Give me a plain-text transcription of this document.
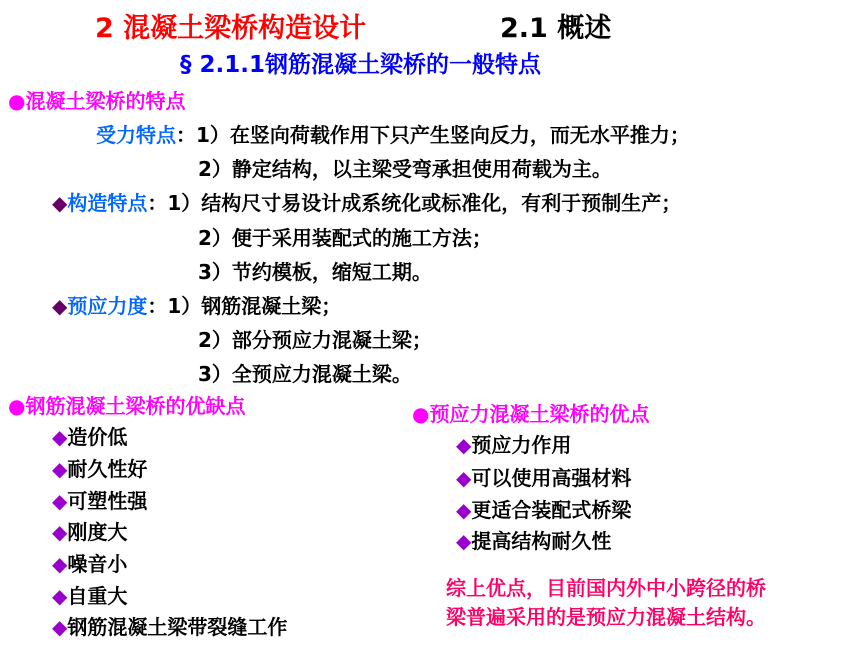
2 混凝土梁桥构造设计	2.1 概述
§ 2.1.1钢筋混凝土梁桥的一般特点
●混凝土梁桥的特点
受力特点：1）在竖向荷载作用下只产生竖向反力，而无水平推力；
2）静定结构，以主梁受弯承担使用荷载为主。
◆构造特点：1）结构尺寸易设计成系统化或标准化，有利于预制生产；
2）便于采用装配式的施工方法；
3）节约模板，缩短工期。
◆预应力度：1）钢筋混凝土梁；
2）部分预应力混凝土梁；
3）全预应力混凝土梁。
●钢筋混凝土梁桥的优缺点
◆造价低
◆耐久性好
◆可塑性强
◆刚度大
◆噪音小
◆自重大
◆钢筋混凝土梁带裂缝工作
●预应力混凝土梁桥的优点
◆预应力作用
◆可以使用高强材料
◆更适合装配式桥梁
◆提高结构耐久性
综上优点，目前国内外中小跨径的桥
梁普遍采用的是预应力混凝土结构。
